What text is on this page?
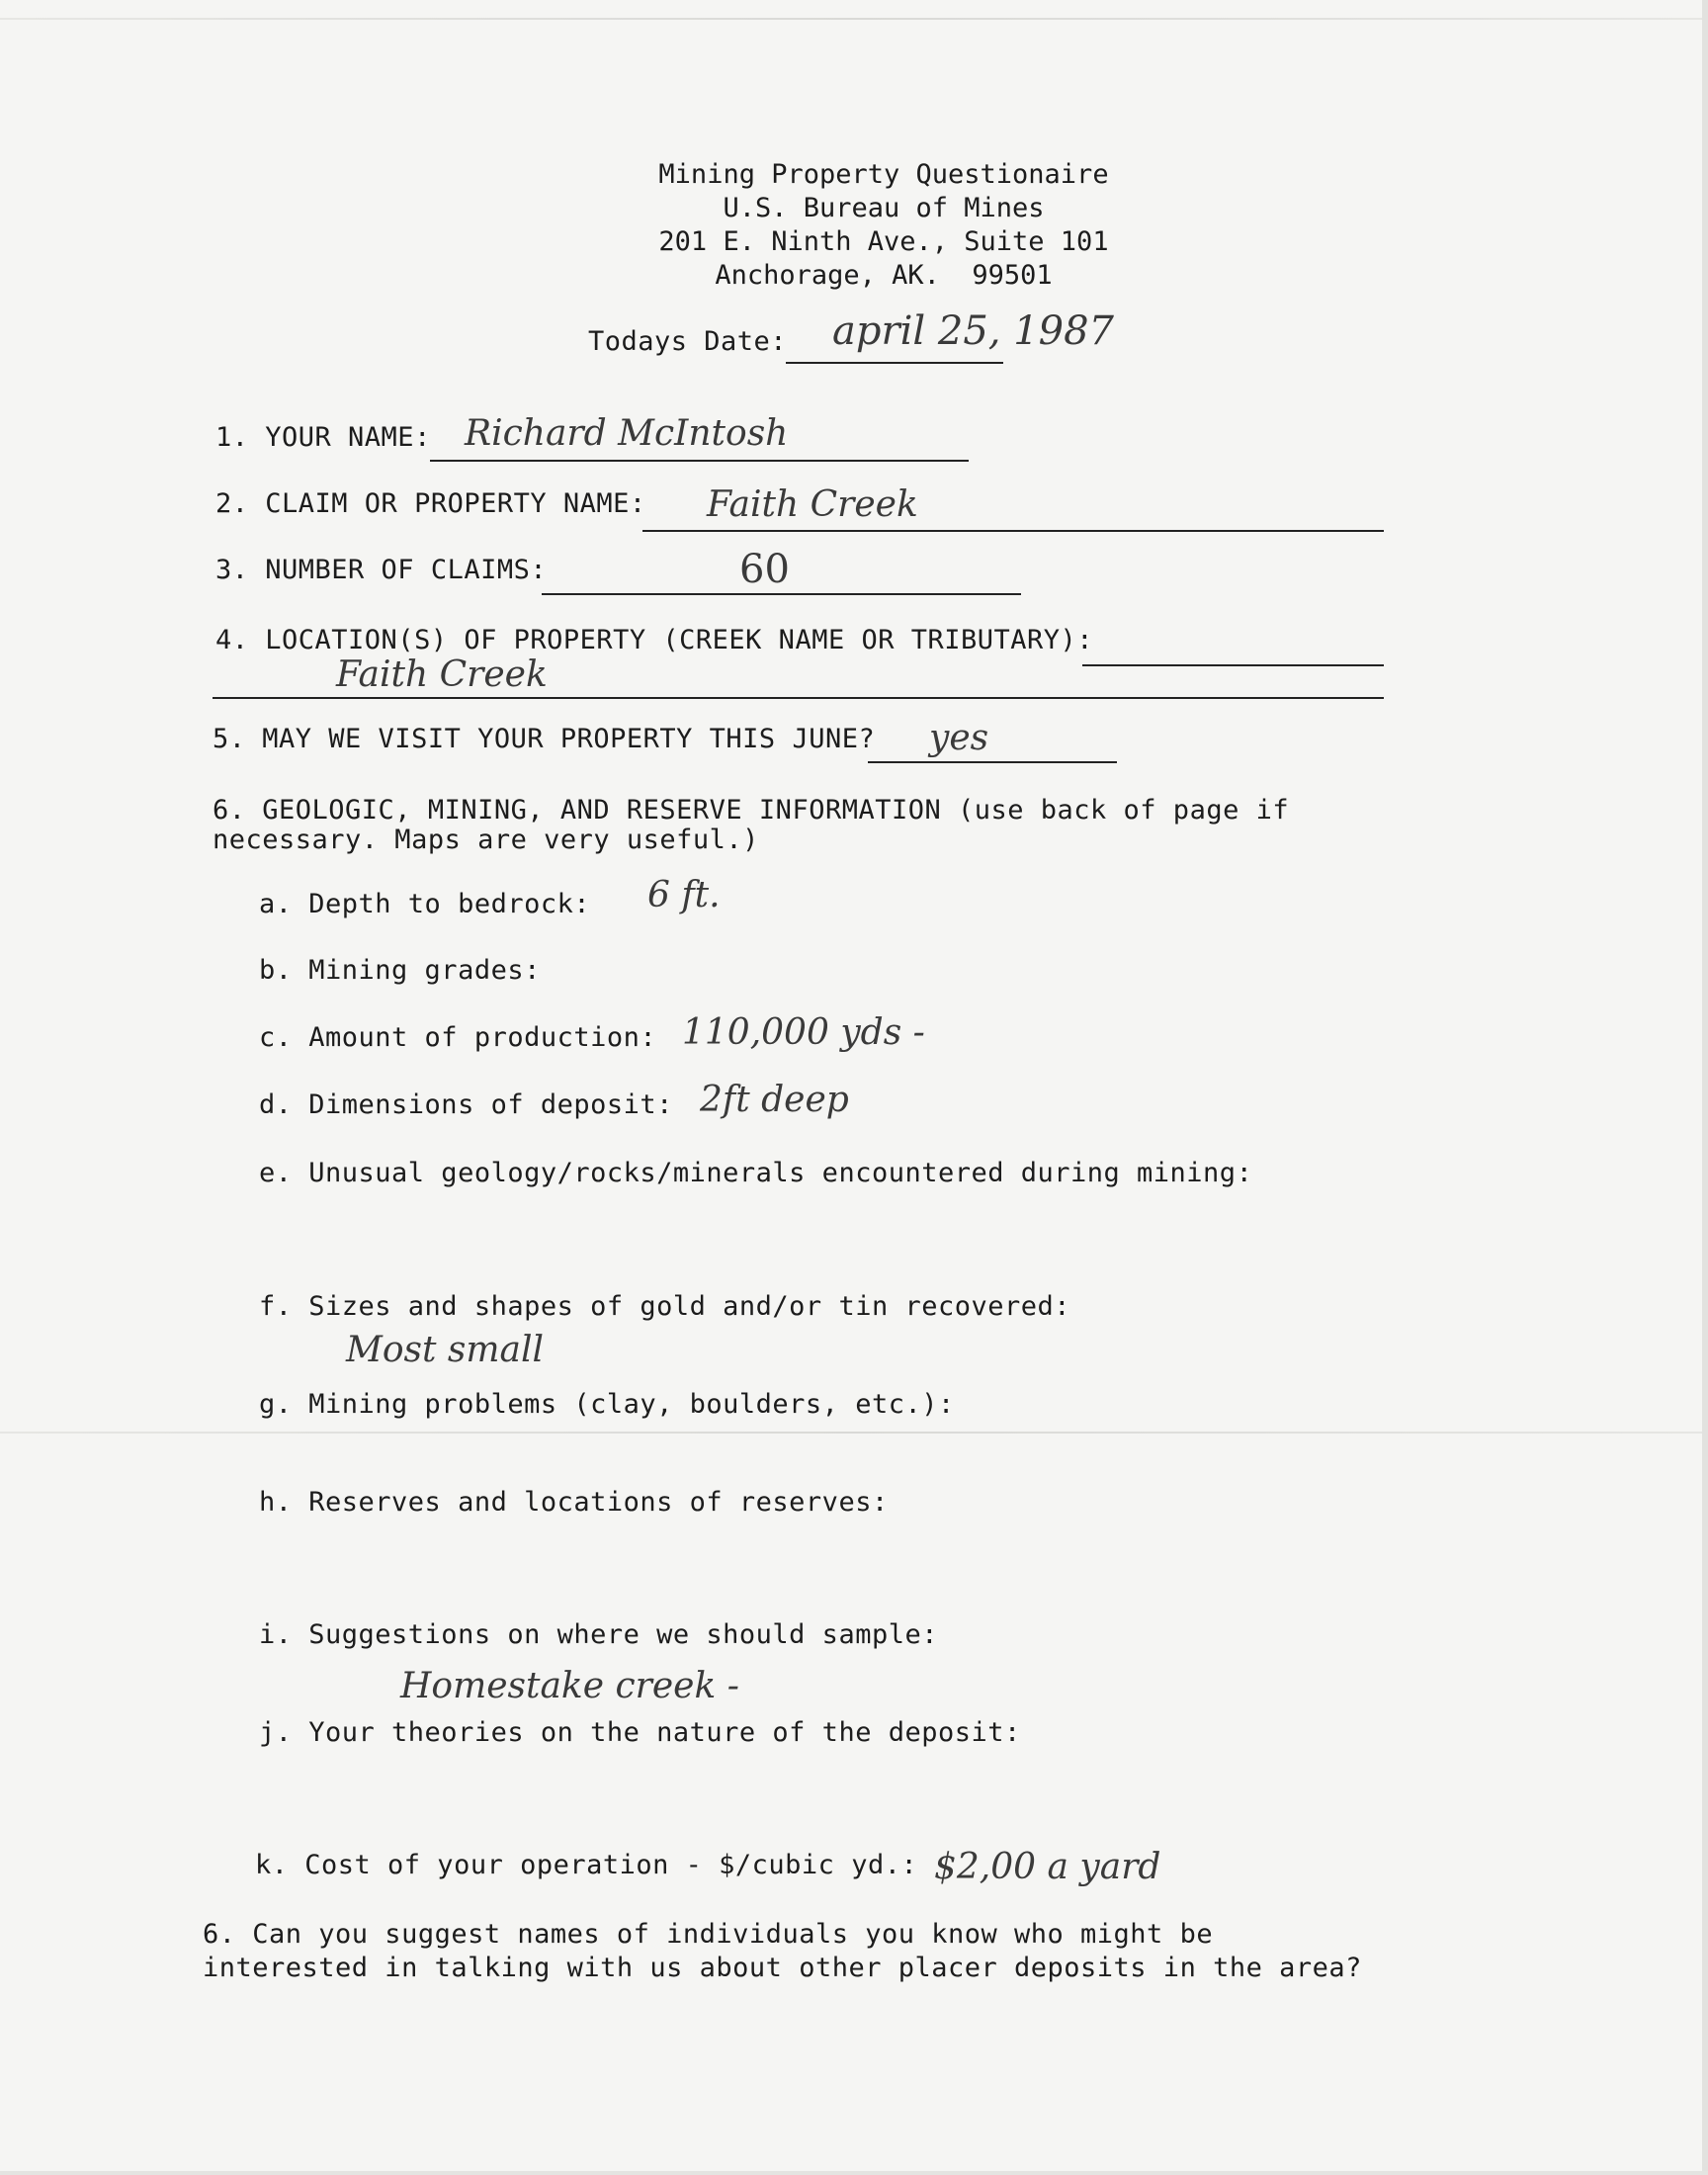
Mining Property Questionaire
U.S. Bureau of Mines
201 E. Ninth Ave., Suite 101
Anchorage, AK.  99501
Todays Date: april 25, 1987
1. YOUR NAME: Richard McIntosh
2. CLAIM OR PROPERTY NAME: Faith Creek
3. NUMBER OF CLAIMS:	60
4. LOCATION(S) OF PROPERTY (CREEK NAME OR TRIBUTARY):
Faith Creek
5. MAY WE VISIT YOUR PROPERTY THIS JUNE? yes
6. GEOLOGIC, MINING, AND RESERVE INFORMATION (use back of page if
necessary. Maps are very useful.)
a. Depth to bedrock: 6 ft.
b. Mining grades:
c. Amount of production: 110,000 yds -
d. Dimensions of deposit: 2ft deep
e. Unusual geology/rocks/minerals encountered during mining:
f. Sizes and shapes of gold and/or tin recovered:
Most small
g. Mining problems (clay, boulders, etc.):
h. Reserves and locations of reserves:
i. Suggestions on where we should sample:
Homestake creek -
j. Your theories on the nature of the deposit:
k. Cost of your operation - $/cubic yd.: $2,00 a yard
6. Can you suggest names of individuals you know who might be
interested in talking with us about other placer deposits in the area?
